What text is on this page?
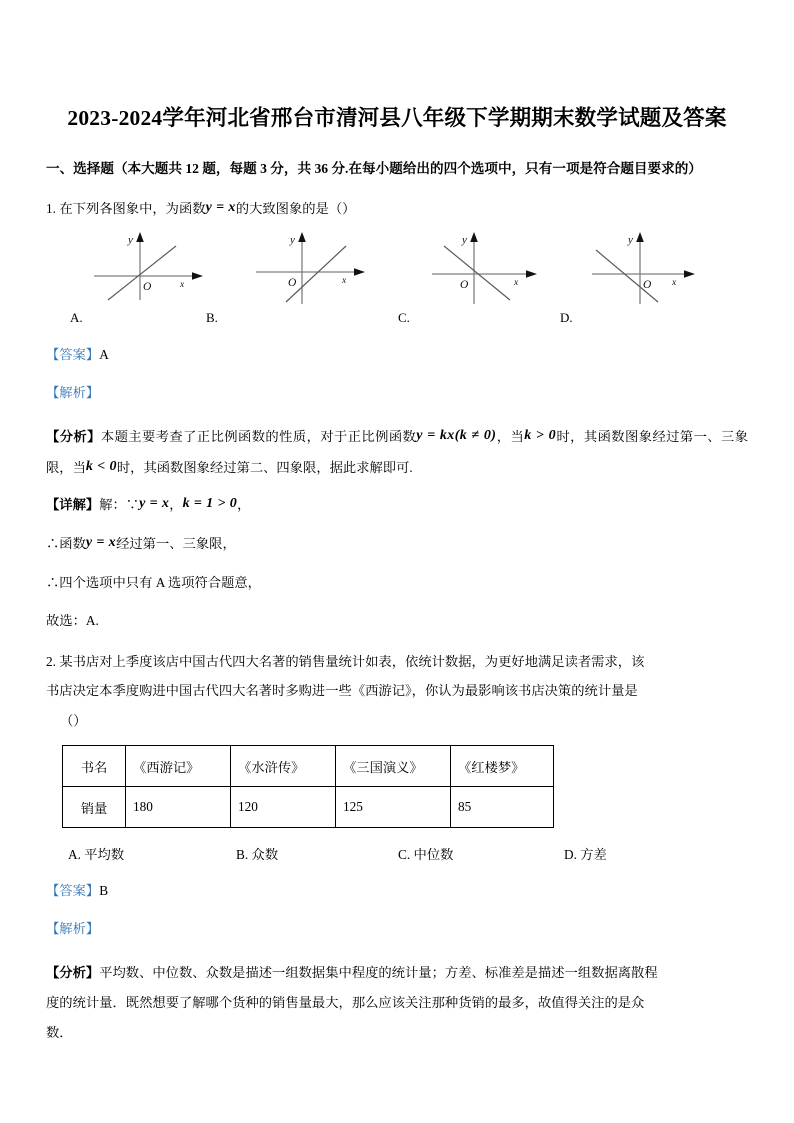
2023-2024学年河北省邢台市清河县八年级下学期期末数学试题及答案

一、选择题（本大题共 12 题，每题 3 分，共 36 分.在每小题给出的四个选项中，只有一项是符合题目要求的）

1. 在下列各图象中，为函数y = x的大致图象的是（）

y
x
O
y
x
O
y
x
O
y
x
O
A.	B.	C.	D.

【答案】A

【解析】

【分析】本题主要考查了正比例函数的性质，对于正比例函数y = kx(k ≠ 0)，当k > 0时，其函数图象经过第一、三象限，当k < 0时，其函数图象经过第二、四象限，据此求解即可.

【详解】解：∵y = x，k = 1 > 0，

∴函数y = x经过第一、三象限，

∴四个选项中只有 A 选项符合题意，

故选：A.

2. 某书店对上季度该店中国古代四大名著的销售量统计如表，依统计数据，为更好地满足读者需求，该

书店决定本季度购进中国古代四大名著时多购进一些《西游记》，你认为最影响该书店决策的统计量是

（）

书名	《西游记》	《水浒传》	《三国演义》	《红楼梦》
销量	180	120	125	85
A. 平均数	B. 众数	C. 中位数	D. 方差

【答案】B

【解析】

【分析】平均数、中位数、众数是描述一组数据集中程度的统计量；方差、标准差是描述一组数据离散程

度的统计量．既然想要了解哪个货种的销售量最大，那么应该关注那种货销的最多，故值得关注的是众

数．
